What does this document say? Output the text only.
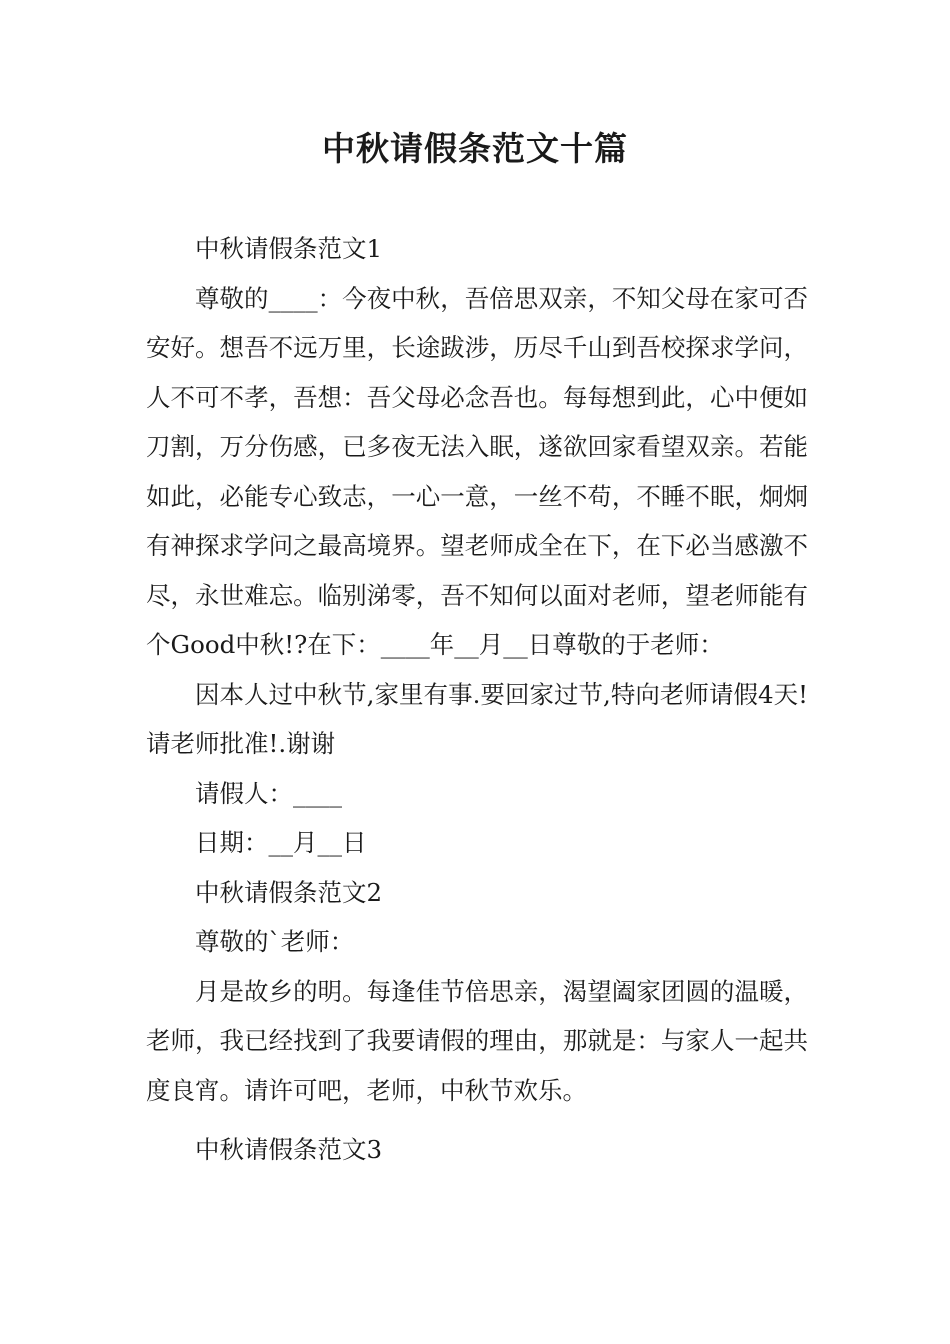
中秋请假条范文十篇

中秋请假条范文1

尊敬的____：今夜中秋，吾倍思双亲，不知父母在家可否安好。想吾不远万里，长途跋涉，历尽千山到吾校探求学问，人不可不孝，吾想：吾父母必念吾也。每每想到此，心中便如刀割，万分伤感，已多夜无法入眠，遂欲回家看望双亲。若能如此，必能专心致志，一心一意，一丝不苟，不睡不眠，炯炯有神探求学问之最高境界。望老师成全在下，在下必当感激不尽，永世难忘。临别涕零，吾不知何以面对老师，望老师能有个Good中秋!?在下：____年__月__日尊敬的于老师：

因本人过中秋节,家里有事.要回家过节,特向老师请假4天!请老师批准!.谢谢

请假人：____

日期：__月__日

中秋请假条范文2

尊敬的`老师：

月是故乡的明。每逢佳节倍思亲，渴望阖家团圆的温暖，老师，我已经找到了我要请假的理由，那就是：与家人一起共度良宵。请许可吧，老师，中秋节欢乐。

中秋请假条范文3
